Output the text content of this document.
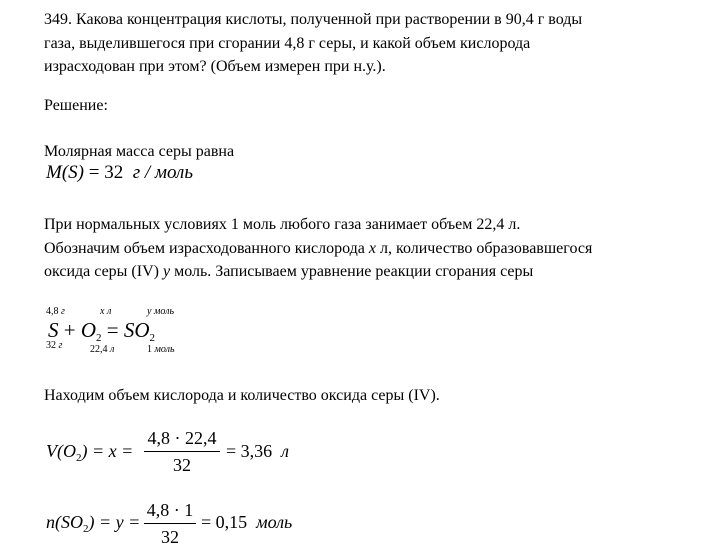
349. Какова концентрация кислоты, полученной при растворении в 90,4 г воды
газа, выделившегося при сгорании 4,8 г серы, и какой объем кислорода
израсходован при этом? (Объем измерен при н.у.).
Решение:
Молярная масса серы равна
M(S) = 32 г / моль
При нормальных условиях 1 моль любого газа занимает объем 22,4 л.
Обозначим объем израсходованного кислорода x л, количество образовавшегося
оксида серы (IV) y моль. Записываем уравнение реакции сгорания серы
4,8 г	x л	y моль
S + O2 = SO2
32 г	22,4 л	1 моль
Находим объем кислорода и количество оксида серы (IV).
$V(O_2) = x$ =
4,8 · 22,4
32
= 3,36 л
$n(SO_2) = y$ =
4,8 · 1
32
= 0,15 моль
